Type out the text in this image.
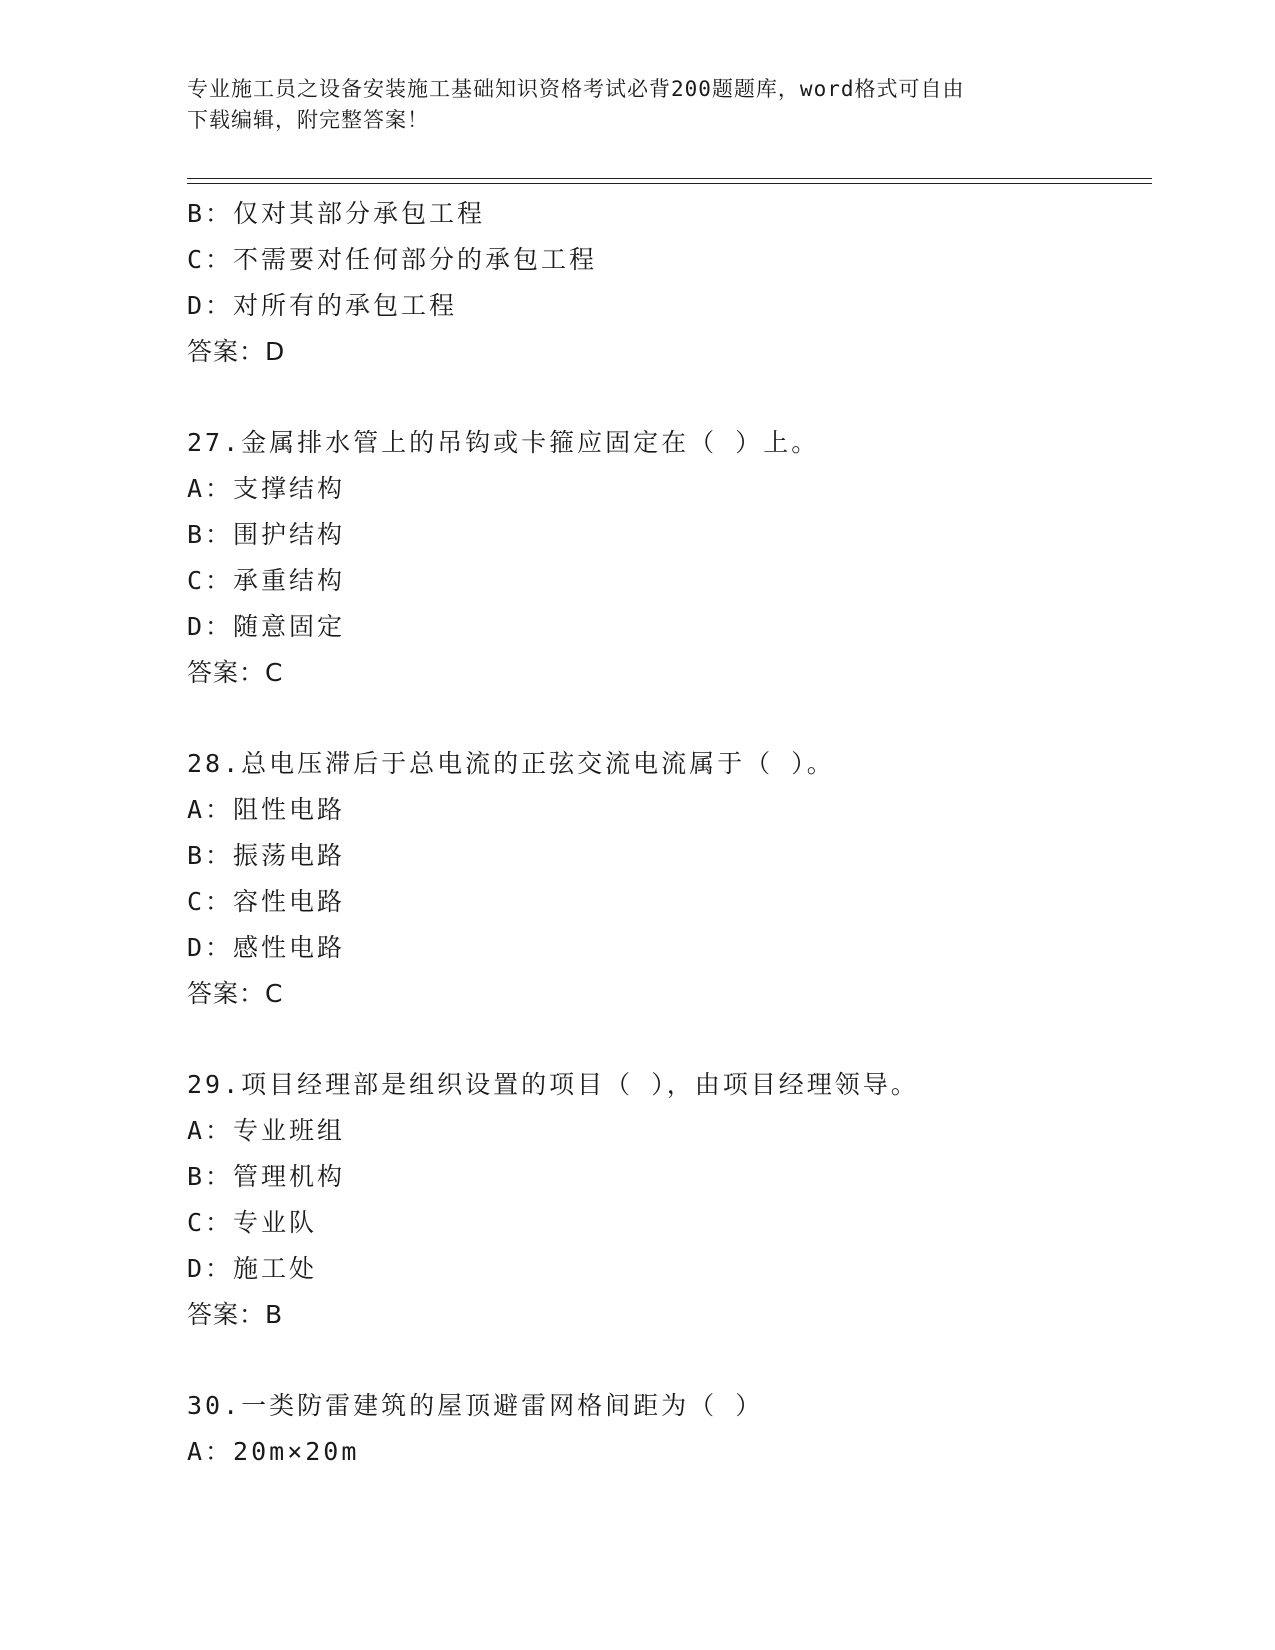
专业施工员之设备安装施工基础知识资格考试必背200题题库，word格式可自由
下载编辑，附完整答案！
B：仅对其部分承包工程
C：不需要对任何部分的承包工程
D：对所有的承包工程
答案：D
27.金属排水管上的吊钩或卡箍应固定在（ ）上。
A：支撑结构
B：围护结构
C：承重结构
D：随意固定
答案：C
28.总电压滞后于总电流的正弦交流电流属于（ ）。
A：阻性电路
B：振荡电路
C：容性电路
D：感性电路
答案：C
29.项目经理部是组织设置的项目（ ），由项目经理领导。
A：专业班组
B：管理机构
C：专业队
D：施工处
答案：B
30.一类防雷建筑的屋顶避雷网格间距为（ ）
A：20m×20m
